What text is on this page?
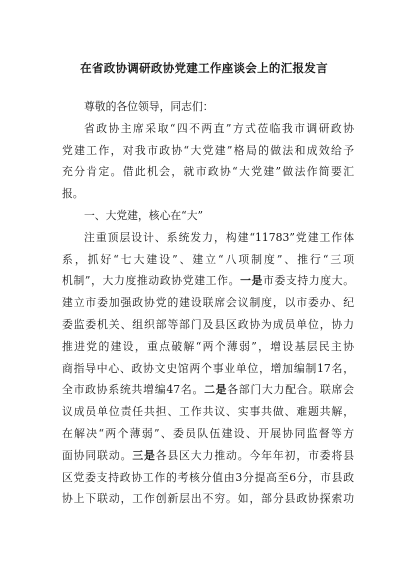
在省政协调研政协党建工作座谈会上的汇报发言
尊敬的各位领导，同志们：
省政协主席采取“四不两直”方式莅临我市调研政协
党建工作，对我市政协“大党建”格局的做法和成效给予
充分肯定。借此机会，就市政协“大党建”做法作简要汇
报。
一、大党建，核心在“大”
注重顶层设计、系统发力，构建“11783”党建工作体
系，抓好“七大建设”、建立“八项制度”、推行“三项
机制”，大力度推动政协党建工作。一是市委支持力度大。
建立市委加强政协党的建设联席会议制度，以市委办、纪
委监委机关、组织部等部门及县区政协为成员单位，协力
推进党的建设，重点破解“两个薄弱”，增设基层民主协
商指导中心、政协文史馆两个事业单位，增加编制17名，
全市政协系统共增编47名。二是各部门大力配合。联席会
议成员单位责任共担、工作共议、实事共做、难题共解，
在解决“两个薄弱”、委员队伍建设、开展协同监督等方
面协同联动。三是各县区大力推动。今年年初，市委将县
区党委支持政协工作的考核分值由3分提高至6分，市县政
协上下联动，工作创新层出不穷。如，部分县政协探索功
